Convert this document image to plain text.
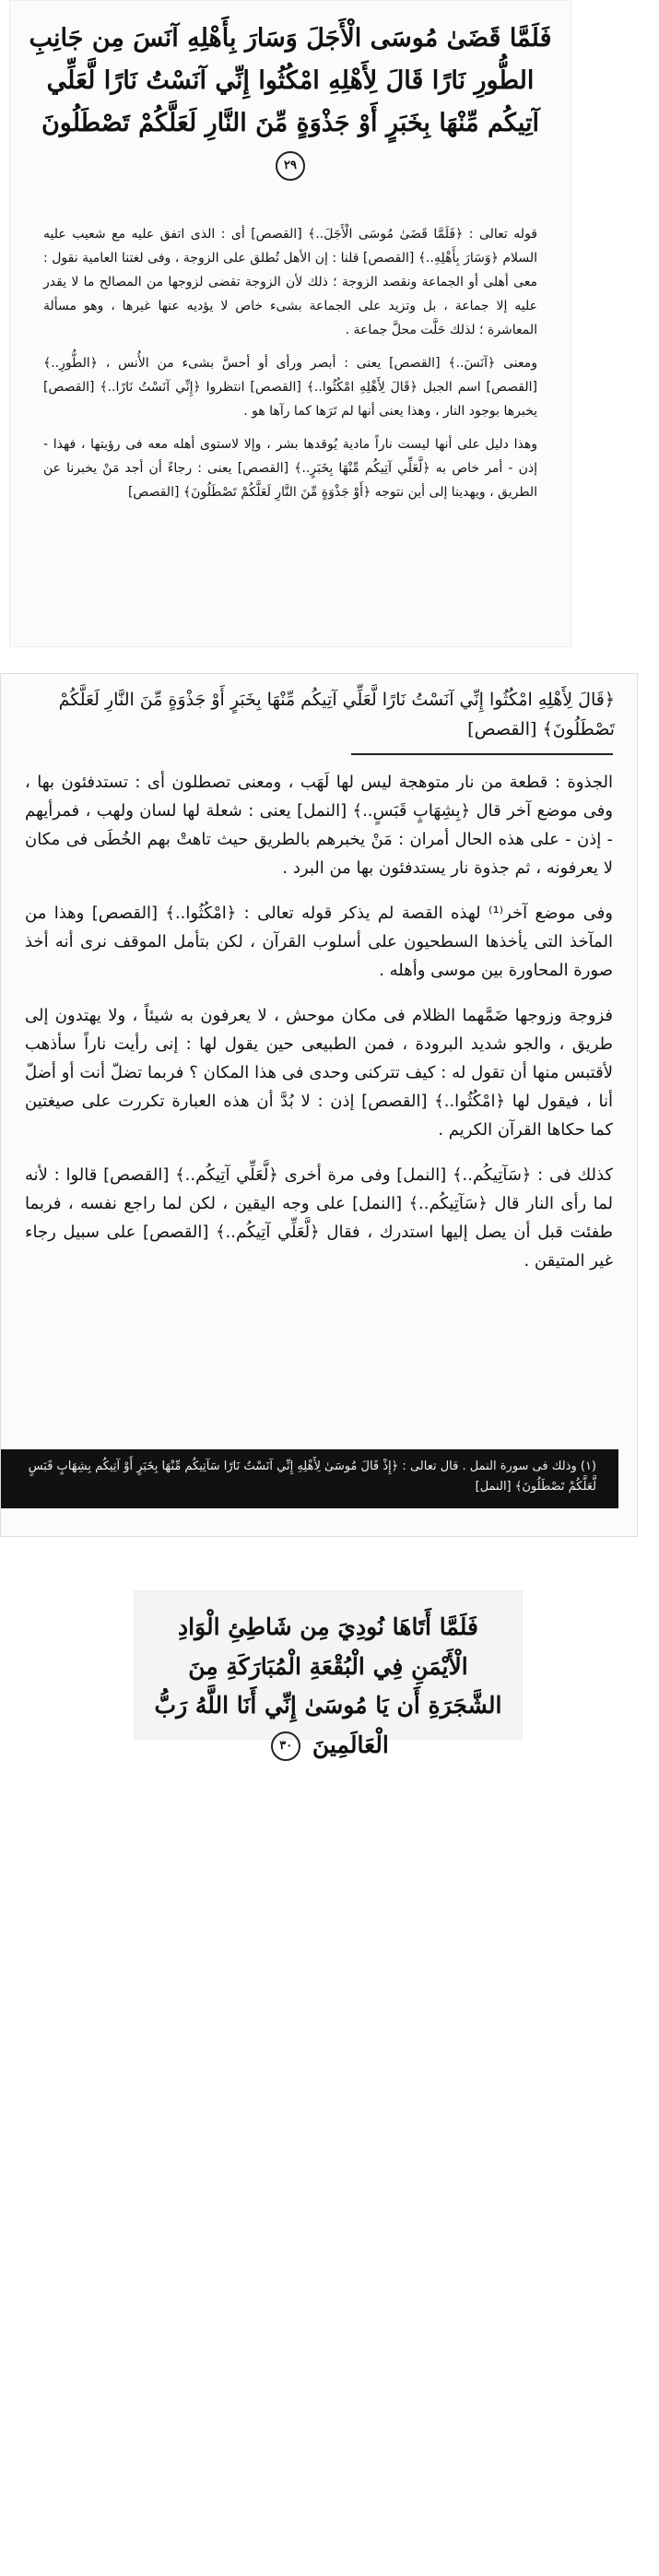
فَلَمَّا قَضَىٰ مُوسَى الْأَجَلَ وَسَارَ بِأَهْلِهِ آنَسَ مِن جَانِبِ الطُّورِ نَارًا قَالَ لِأَهْلِهِ امْكُثُوا إِنِّي آنَسْتُ نَارًا لَّعَلِّي آتِيكُم مِّنْهَا بِخَبَرٍ أَوْ جَذْوَةٍ مِّنَ النَّارِ لَعَلَّكُمْ تَصْطَلُونَ ٢٩

قوله تعالى : ﴿فَلَمَّا قَضَىٰ مُوسَى الْأَجَلَ..﴾ [القصص] أى : الذى اتفق عليه مع شعيب عليه السلام ﴿وَسَارَ بِأَهْلِهِ..﴾ [القصص] قلنا : إن الأهل تُطلق على الزوجة ، وفى لغتنا العامية نقول : معى أهلى أو الجماعة ونقصد الزوجة ؛ ذلك لأن الزوجة تقضى لزوجها من المصالح ما لا يقدر عليه إلا جماعة ، بل وتزيد على الجماعة بشىء خاص لا يؤديه عنها غيرها ، وهو مسألة المعاشرة ؛ لذلك حَلَّت محلَّ جماعة .

ومعنى ﴿آنَسَ..﴾ [القصص] يعنى : أبصر ورأى أو أحسَّ بشىء من الأُنس ، ﴿الطُّورِ..﴾ [القصص] اسم الجبل ﴿قَالَ لِأَهْلِهِ امْكُثُوا..﴾ [القصص] انتظروا ﴿إِنِّي آنَسْتُ نَارًا..﴾ [القصص] يخبرها بوجود النار ، وهذا يعنى أنها لم تَرَها كما رآها هو .

وهذا دليل على أنها ليست ناراً مادية يُوقدها بشر ، وإلا لاستوى أهله معه فى رؤيتها ، فهذا - إذن - أمر خاص به ﴿لَّعَلِّي آتِيكُم مِّنْهَا بِخَبَرٍ..﴾ [القصص] يعنى : رجاءً أن أجد مَنْ يخبرنا عن الطريق ، ويهدينا إلى أين نتوجه ﴿أَوْ جَذْوَةٍ مِّنَ النَّارِ لَعَلَّكُمْ تَصْطَلُونَ﴾ [القصص]

﴿قَالَ لِأَهْلِهِ امْكُثُوا إِنِّي آنَسْتُ نَارًا لَّعَلِّي آتِيكُم مِّنْهَا بِخَبَرٍ أَوْ جَذْوَةٍ مِّنَ النَّارِ لَعَلَّكُمْ تَصْطَلُونَ﴾ [القصص]

الجذوة : قطعة من نار متوهجة ليس لها لَهَب ، ومعنى تصطلون أى : تستدفئون بها ، وفى موضع آخر قال ﴿بِشِهَابٍ قَبَسٍ..﴾ [النمل] يعنى : شعلة لها لسان ولهب ، فمرأيهم - إذن - على هذه الحال أمران : مَنْ يخبرهم بالطريق حيث تاهتْ بهم الخُطَى فى مكان لا يعرفونه ، ثم جذوة نار يستدفئون بها من البرد .

وفى موضع آخر⁽¹⁾ لهذه القصة لم يذكر قوله تعالى : ﴿امْكُثُوا..﴾ [القصص] وهذا من المآخذ التى يأخذها السطحيون على أسلوب القرآن ، لكن بتأمل الموقف نرى أنه أخذ صورة المحاورة بين موسى وأهله .

فزوجة وزوجها ضَمَّهما الظلام فى مكان موحش ، لا يعرفون به شيئاً ، ولا يهتدون إلى طريق ، والجو شديد البرودة ، فمن الطبيعى حين يقول لها : إنى رأيت ناراً سأذهب لأقتبس منها أن تقول له : كيف تتركنى وحدى فى هذا المكان ؟ فربما تضلّ أنت أو أضلّ أنا ، فيقول لها ﴿امْكُثُوا..﴾ [القصص] إذن : لا بُدَّ أن هذه العبارة تكررت على صيغتين كما حكاها القرآن الكريم .

كذلك فى : ﴿سَآتِيكُم..﴾ [النمل] وفى مرة أخرى ﴿لَّعَلِّي آتِيكُم..﴾ [القصص] قالوا : لأنه لما رأى النار قال ﴿سَآتِيكُم..﴾ [النمل] على وجه اليقين ، لكن لما راجع نفسه ، فربما طفئت قبل أن يصل إليها استدرك ، فقال ﴿لَّعَلِّي آتِيكُم..﴾ [القصص] على سبيل رجاء غير المتيقن .

(١) وذلك فى سورة النمل . قال تعالى : ﴿إِذْ قَالَ مُوسَىٰ لِأَهْلِهِ إِنِّي آنَسْتُ نَارًا سَآتِيكُم مِّنْهَا بِخَبَرٍ أَوْ آتِيكُم بِشِهَابٍ قَبَسٍ لَّعَلَّكُمْ تَصْطَلُونَ﴾ [النمل]
فَلَمَّا أَتَاهَا نُودِيَ مِن شَاطِئِ الْوَادِ الْأَيْمَنِ فِي الْبُقْعَةِ الْمُبَارَكَةِ مِنَ الشَّجَرَةِ أَن يَا مُوسَىٰ إِنِّي أَنَا اللَّهُ رَبُّ الْعَالَمِينَ ٣٠
